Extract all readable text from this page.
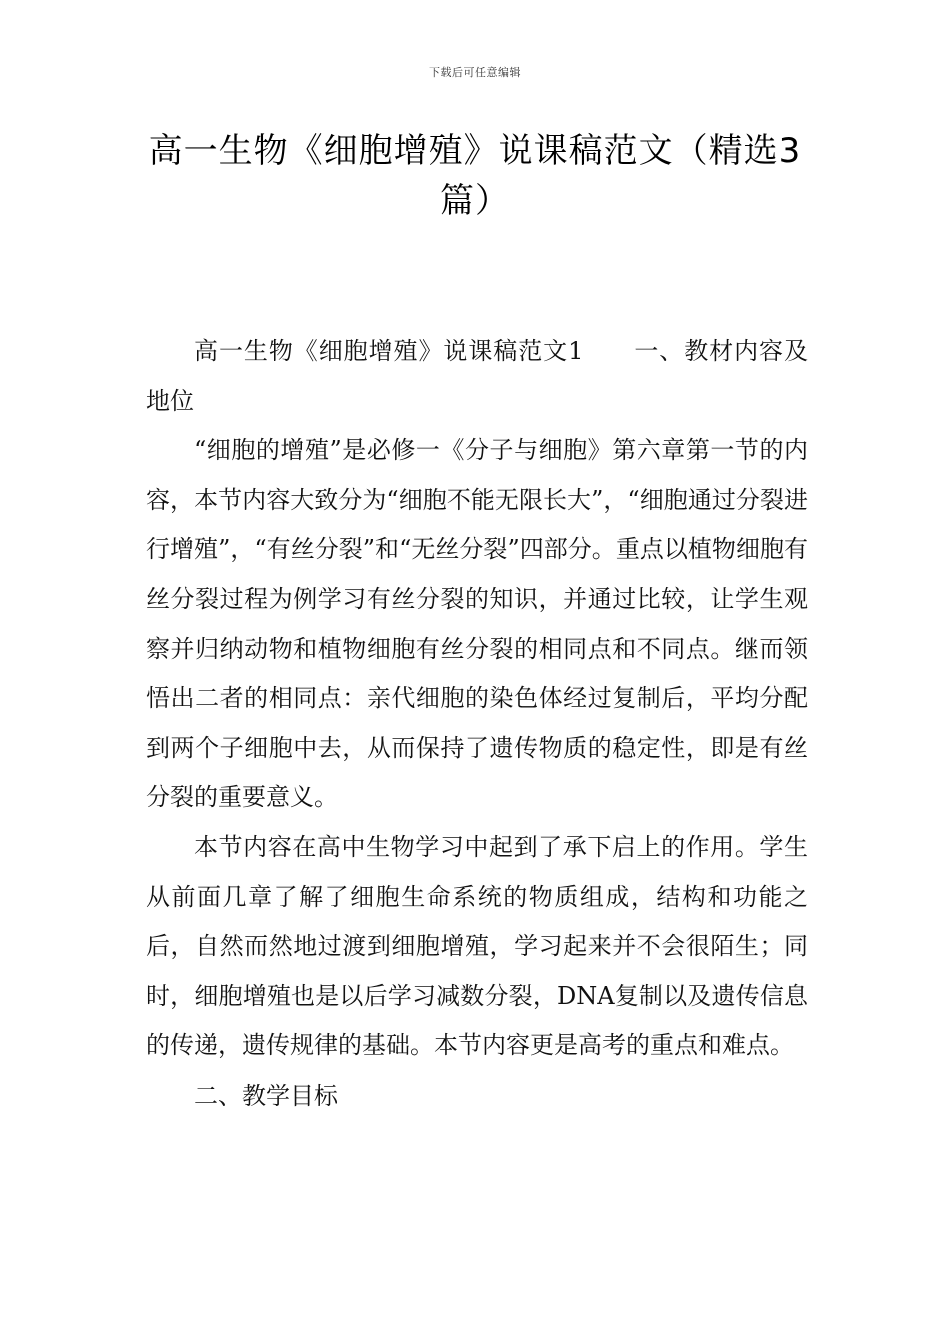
下载后可任意编辑
高一生物《细胞增殖》说课稿范文（精选3篇）

高一生物《细胞增殖》说课稿范文1 一、教材内容及地位

“细胞的增殖”是必修一《分子与细胞》第六章第一节的内容，本节内容大致分为“细胞不能无限长大”，“细胞通过分裂进行增殖”，“有丝分裂”和“无丝分裂”四部分。重点以植物细胞有丝分裂过程为例学习有丝分裂的知识，并通过比较，让学生观察并归纳动物和植物细胞有丝分裂的相同点和不同点。继而领悟出二者的相同点：亲代细胞的染色体经过复制后，平均分配到两个子细胞中去，从而保持了遗传物质的稳定性，即是有丝分裂的重要意义。

本节内容在高中生物学习中起到了承下启上的作用。学生从前面几章了解了细胞生命系统的物质组成，结构和功能之后，自然而然地过渡到细胞增殖，学习起来并不会很陌生；同时，细胞增殖也是以后学习减数分裂，DNA复制以及遗传信息的传递，遗传规律的基础。本节内容更是高考的重点和难点。

二、教学目标
